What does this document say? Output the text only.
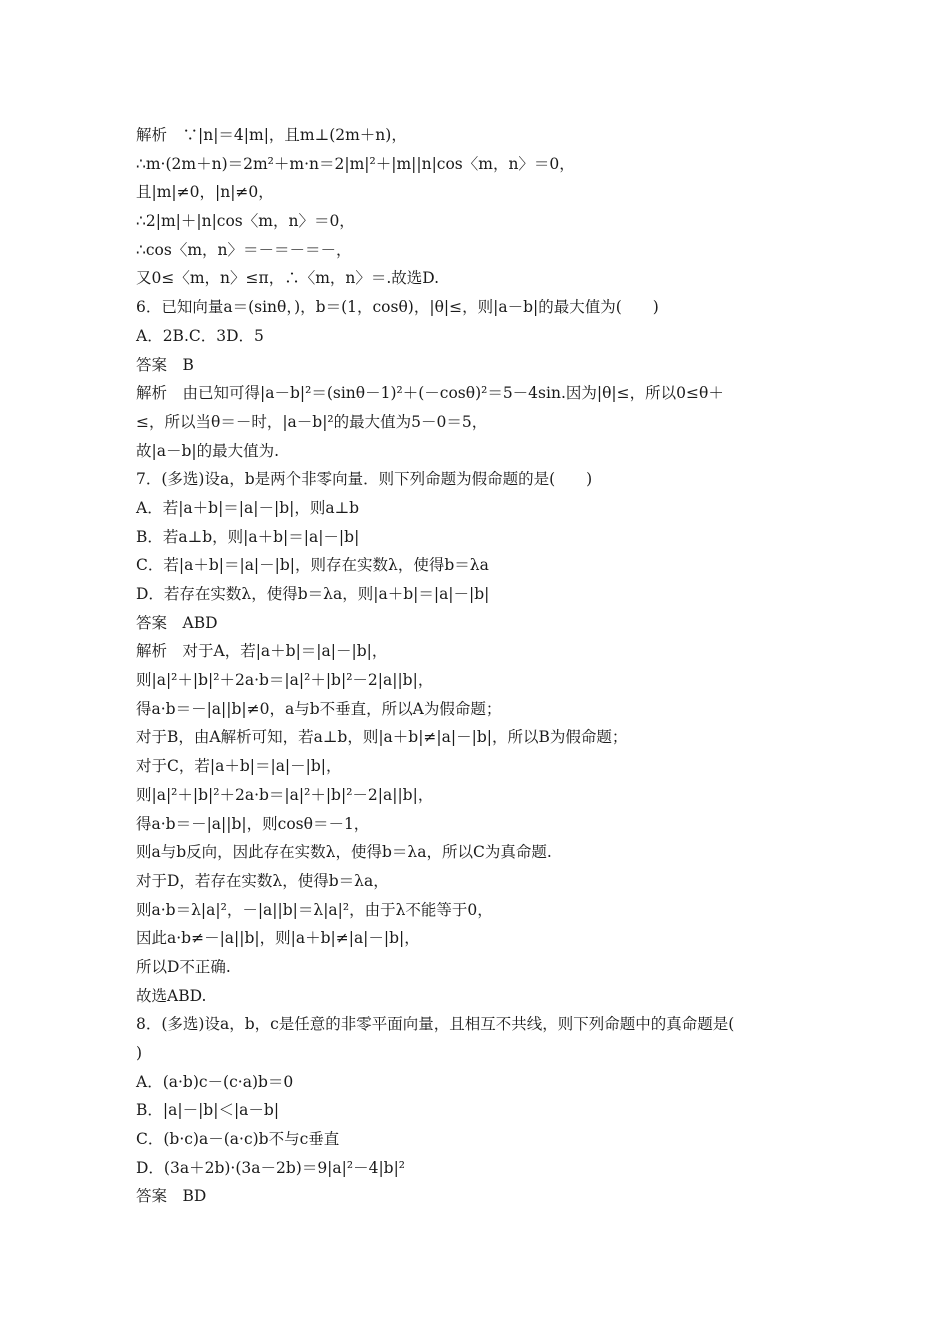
解析　∵|n|＝4|m|，且m⊥(2m＋n)，
∴m·(2m＋n)＝2m²＋m·n＝2|m|²＋|m||n|cos〈m，n〉＝0，
且|m|≠0，|n|≠0，
∴2|m|＋|n|cos〈m，n〉＝0，
∴cos〈m，n〉＝－＝－＝－，
又0≤〈m，n〉≤π，∴〈m，n〉＝.故选D.
6．已知向量a＝(sinθ，)，b＝(1，cosθ)，|θ|≤，则|a－b|的最大值为(　　)
A．2B.C．3D．5
答案　B
解析　由已知可得|a－b|²＝(sinθ－1)²＋(－cosθ)²＝5－4sin.因为|θ|≤，所以0≤θ＋
≤，所以当θ＝－时，|a－b|²的最大值为5－0＝5，
故|a－b|的最大值为.
7．(多选)设a，b是两个非零向量．则下列命题为假命题的是(　　)
A．若|a＋b|＝|a|－|b|，则a⊥b
B．若a⊥b，则|a＋b|＝|a|－|b|
C．若|a＋b|＝|a|－|b|，则存在实数λ，使得b＝λa
D．若存在实数λ，使得b＝λa，则|a＋b|＝|a|－|b|
答案　ABD
解析　对于A，若|a＋b|＝|a|－|b|，
则|a|²＋|b|²＋2a·b＝|a|²＋|b|²－2|a||b|，
得a·b＝－|a||b|≠0，a与b不垂直，所以A为假命题；
对于B，由A解析可知，若a⊥b，则|a＋b|≠|a|－|b|，所以B为假命题；
对于C，若|a＋b|＝|a|－|b|，
则|a|²＋|b|²＋2a·b＝|a|²＋|b|²－2|a||b|，
得a·b＝－|a||b|，则cosθ＝－1，
则a与b反向，因此存在实数λ，使得b＝λa，所以C为真命题.
对于D，若存在实数λ，使得b＝λa，
则a·b＝λ|a|²，－|a||b|＝λ|a|²，由于λ不能等于0，
因此a·b≠－|a||b|，则|a＋b|≠|a|－|b|，
所以D不正确.
故选ABD.
8．(多选)设a，b，c是任意的非零平面向量，且相互不共线，则下列命题中的真命题是(
)
A．(a·b)c－(c·a)b＝0
B．|a|－|b|＜|a－b|
C．(b·c)a－(a·c)b不与c垂直
D．(3a＋2b)·(3a－2b)＝9|a|²－4|b|²
答案　BD
